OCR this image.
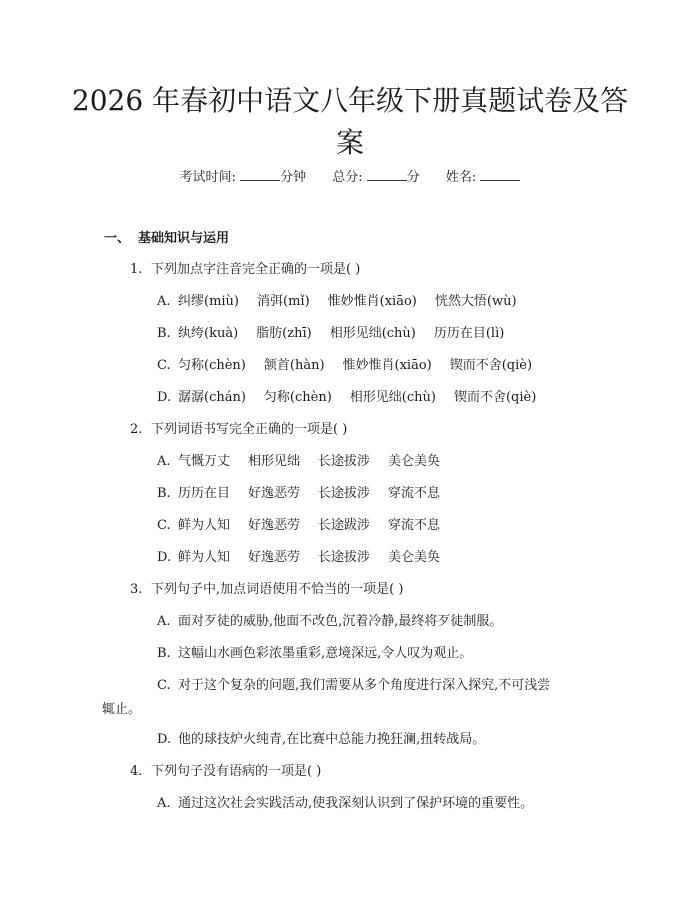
2026 年春初中语文八年级下册真题试卷及答
案
考试时间:	分钟 总分:	分 姓名:
一、 基础知识与运用
1. 下列加点字注音完全正确的一项是( )
A. 纠缪(miù) 消弭(mǐ) 惟妙惟肖(xiāo) 恍然大悟(wù)
B. 纨绔(kuà) 脂肪(zhī) 相形见绌(chù) 历历在目(lì)
C. 匀称(chèn) 颔首(hàn) 惟妙惟肖(xiāo) 锲而不舍(qiè)
D. 潺潺(chán) 匀称(chèn) 相形见绌(chù) 锲而不舍(qiè)
2. 下列词语书写完全正确的一项是( )
A. 气慨万丈 相形见绌 长途拔涉 美仑美奂
B. 历历在目 好逸恶劳 长途拔涉 穿流不息
C. 鲜为人知 好逸恶劳 长途跋涉 穿流不息
D. 鲜为人知 好逸恶劳 长途拔涉 美仑美奂
3. 下列句子中,加点词语使用不恰当的一项是( )
A. 面对歹徒的威胁,他面不改色,沉着冷静,最终将歹徒制服。
B. 这幅山水画色彩浓墨重彩,意境深远,令人叹为观止。
C. 对于这个复杂的问题,我们需要从多个角度进行深入探究,不可浅尝
辄止。
D. 他的球技炉火纯青,在比赛中总能力挽狂澜,扭转战局。
4. 下列句子没有语病的一项是( )
A. 通过这次社会实践活动,使我深刻认识到了保护环境的重要性。
